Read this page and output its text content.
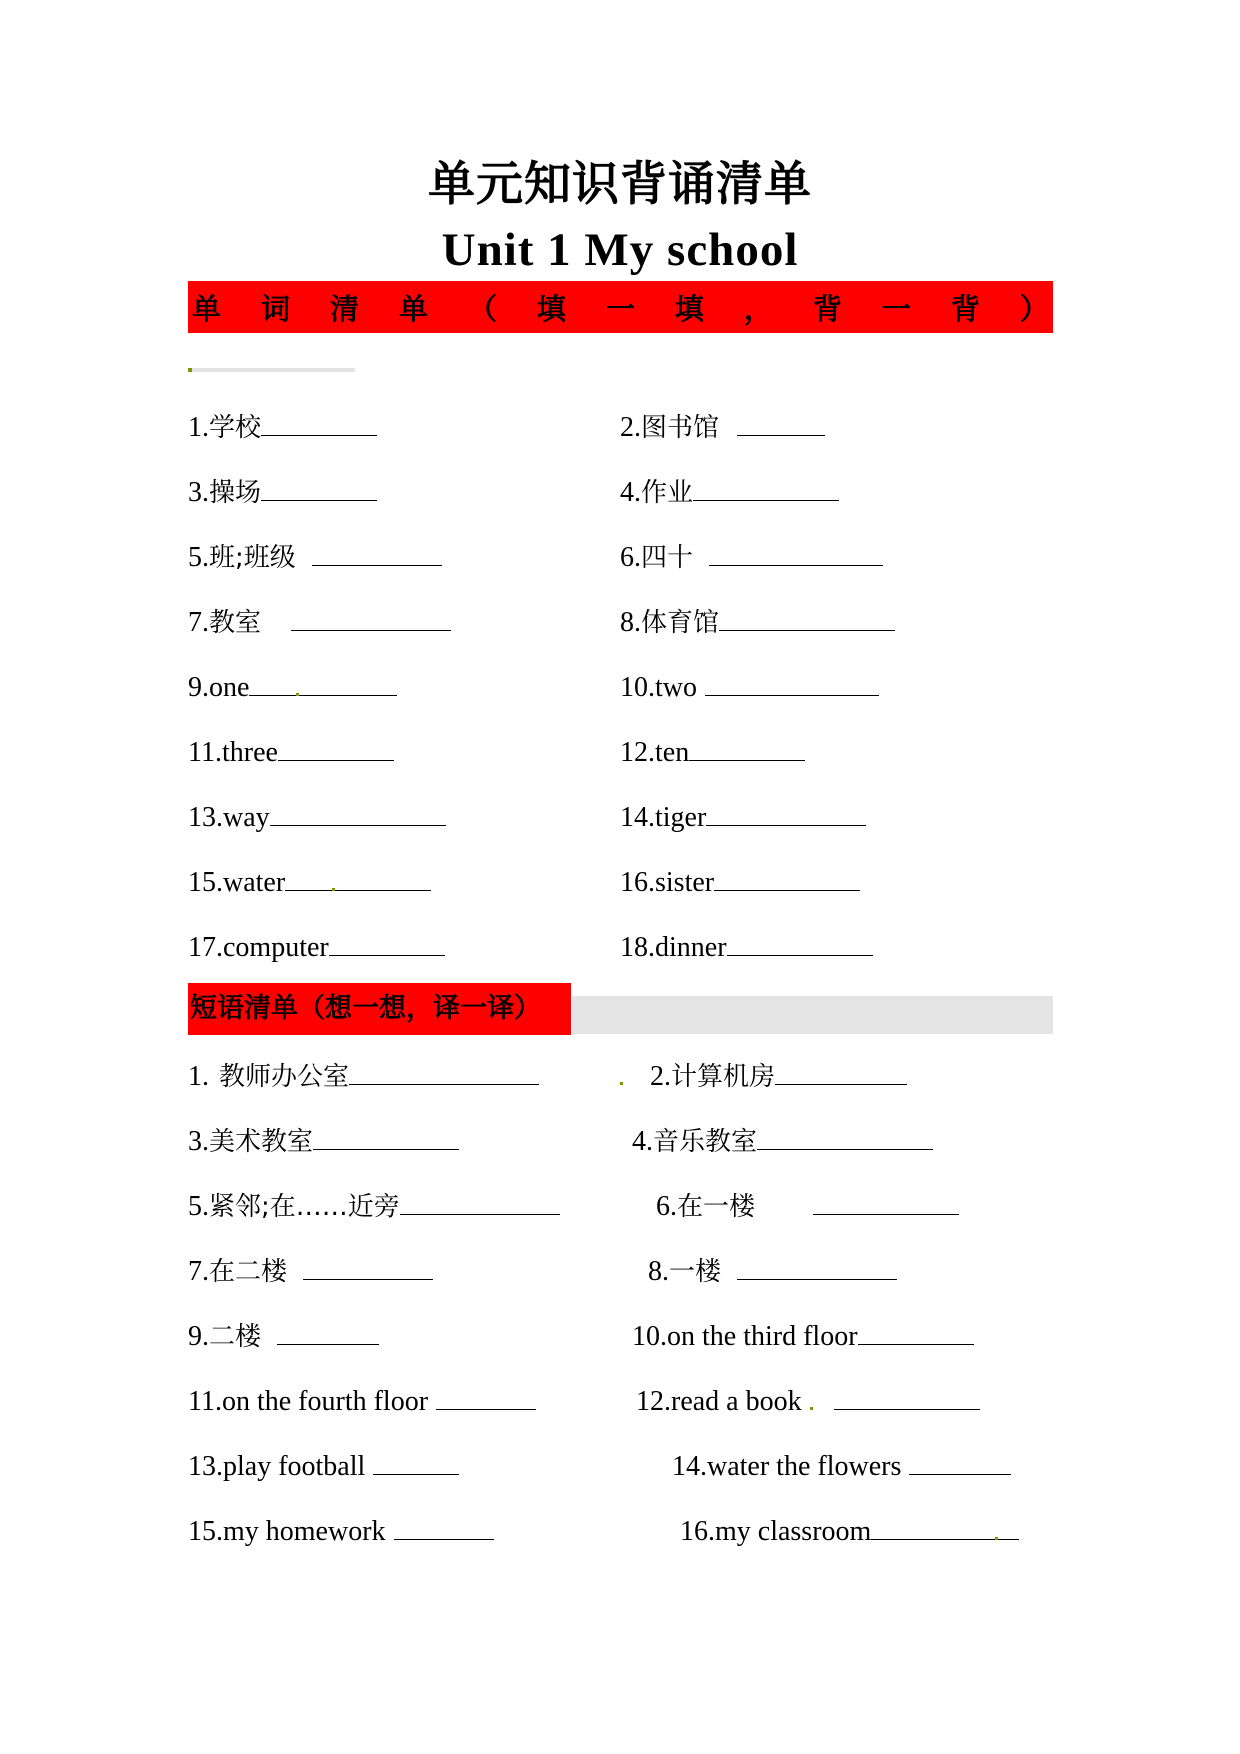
单元知识背诵清单
Unit 1 My school
单 词 清 单 （ 填 一 填 ， 背 一 背 ）
1.学校	2.图书馆
3.操场	4.作业
5.班;班级	6.四十
7.教室	8.体育馆
9.one	10.two
11.three	12.ten
13.way	14.tiger
15.water	16.sister
17.computer	18.dinner
短语清单（想一想，译一译）
1. 教师办公室	2.计算机房
3.美术教室	4.音乐教室
5.紧邻;在……近旁	6.在一楼
7.在二楼	8.一楼
9.二楼	10.on the third floor
11.on the fourth floor	12.read a book
13.play football	14.water the flowers
15.my homework	16.my classroom
